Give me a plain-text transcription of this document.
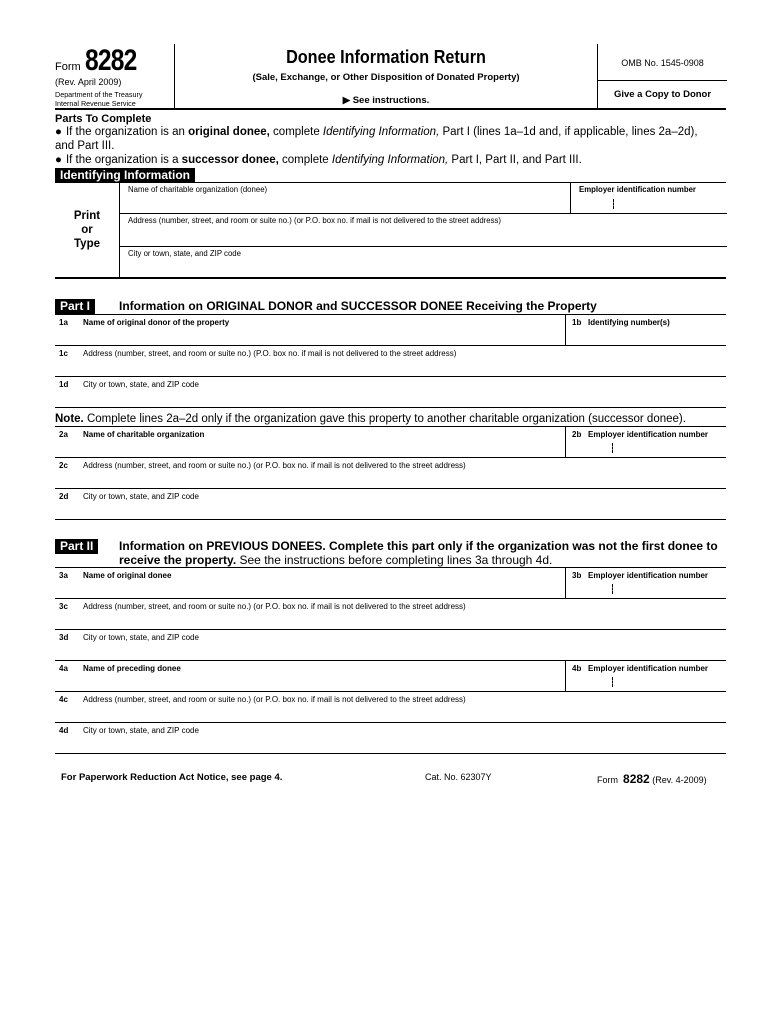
Form 8282
(Rev. April 2009)
Department of the Treasury
Internal Revenue Service
Donee Information Return
(Sale, Exchange, or Other Disposition of Donated Property)
▶ See instructions.
OMB No. 1545-0908
Give a Copy to Donor
Parts To Complete
● If the organization is an original donee, complete Identifying Information, Part I (lines 1a–1d and, if applicable, lines 2a–2d),
and Part III.
● If the organization is a successor donee, complete Identifying Information, Part I, Part II, and Part III.
Identifying Information
Print
or
Type
Name of charitable organization (donee)	Employer identification number
Address (number, street, and room or suite no.) (or P.O. box no. if mail is not delivered to the street address)
City or town, state, and ZIP code
Part I	Information on ORIGINAL DONOR and SUCCESSOR DONEE Receiving the Property
1a Name of original donor of the property	1b Identifying number(s)
1c Address (number, street, and room or suite no.) (P.O. box no. if mail is not delivered to the street address)
1d City or town, state, and ZIP code
Note. Complete lines 2a–2d only if the organization gave this property to another charitable organization (successor donee).
2a Name of charitable organization	2b Employer identification number
2c Address (number, street, and room or suite no.) (or P.O. box no. if mail is not delivered to the street address)
2d City or town, state, and ZIP code
Part II	Information on PREVIOUS DONEES. Complete this part only if the organization was not the first donee to receive the property. See the instructions before completing lines 3a through 4d.
3a Name of original donee	3b Employer identification number
3c Address (number, street, and room or suite no.) (or P.O. box no. if mail is not delivered to the street address)
3d City or town, state, and ZIP code
4a Name of preceding donee	4b Employer identification number
4c Address (number, street, and room or suite no.) (or P.O. box no. if mail is not delivered to the street address)
4d City or town, state, and ZIP code
For Paperwork Reduction Act Notice, see page 4.	Cat. No. 62307Y	Form 8282 (Rev. 4-2009)
